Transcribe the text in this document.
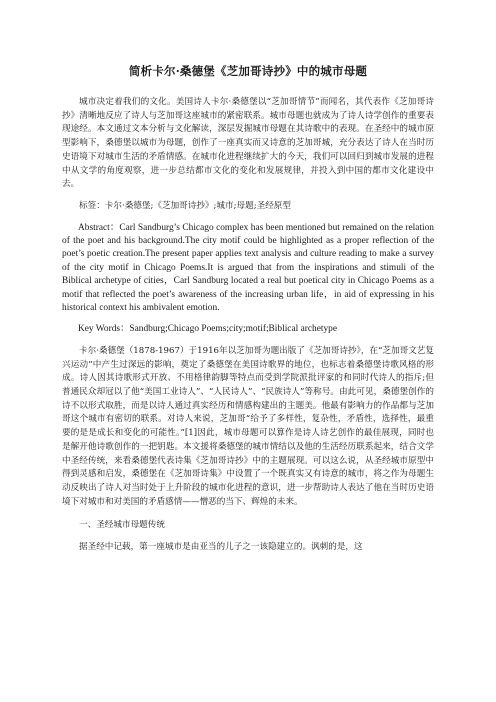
简析卡尔·桑德堡《芝加哥诗抄》中的城市母题

城市决定着我们的文化。美国诗人卡尔·桑德堡以“芝加哥情节”而闻名，其代表作《芝加哥诗抄》清晰地反应了诗人与芝加哥这座城市的紧密联系。城市母题也就成为了诗人诗学创作的重要表现途经。本文通过文本分析与文化解读，深层发掘城市母题在其诗歌中的表现。在圣经中的城市原型影响下，桑德堡以城市为母题，创作了一座真实而又诗意的芝加哥城，充分表达了诗人在当时历史语境下对城市生活的矛盾情感。在城市化进程继续扩大的今天，我们可以回归到城市发展的进程中从文学的角度观察，进一步总结都市文化的变化和发展规律，并投入到中国的都市文化建设中去。

标签：卡尔·桑德堡;《芝加哥诗抄》;城市;母题;圣经原型

Abstract：Carl Sandburg’s Chicago complex has been mentioned but remained on the relation of the poet and his background.The city motif could be highlighted as a proper reflection of the poet’s poetic creation.The present paper applies text analysis and culture reading to make a survey of the city motif in Chicago Poems.It is argued that from the inspirations and stimuli of the Biblical archetype of cities，Carl Sandburg located a real but poetical city in Chicago Poems as a motif that reflected the poet’s awareness of the increasing urban life，in aid of expressing in his historical context his ambivalent emotion.

Key Words：Sandburg;Chicago Poems;city;motif;Biblical archetype

卡尔·桑德堡（1878-1967）于1916年以芝加哥为题出版了《芝加哥诗抄》，在“芝加哥文艺复兴运动”中产生过深远的影响，奠定了桑德堡在美国诗歌界的地位，也标志着桑德堡诗歌风格的形成。诗人因其诗歌形式开放、不用格律韵脚等特点而受到学院派批评家的和同时代诗人的指斥;但普通民众却冠以了他“美国工业诗人”、“人民诗人”、“民族诗人”等称号。由此可见，桑德堡创作的诗不以形式取胜，而是以诗人通过真实经历和情感构建出的主题美。他最有影响力的作品都与芝加哥这个城市有密切的联系。对诗人来说，芝加哥“给予了多样性，复杂性，矛盾性，选择性，最重要的是是成长和变化的可能性。”[1]因此，城市母题可以算作是诗人诗艺创作的最佳展现，同时也是解开他诗歌创作的一把钥匙。本文援将桑德堡的城市情结以及他的生活经历联系起来，结合文学中圣经传统，来看桑德堡代表诗集《芝加哥诗抄》中的主题展现。可以这么说，从圣经城市原型中得到灵感和启发，桑德堡在《芝加哥诗集》中设置了一个既真实又有诗意的城市，将之作为母题生动反映出了诗人对当时处于上升阶段的城市化进程的意识，进一步帮助诗人表达了他在当时历史语境下对城市和对美国的矛盾感情——憎恶的当下、辉煌的未来。

一、圣经城市母题传统

据圣经中记载，第一座城市是由亚当的儿子之一该隐建立的。讽刺的是，这
